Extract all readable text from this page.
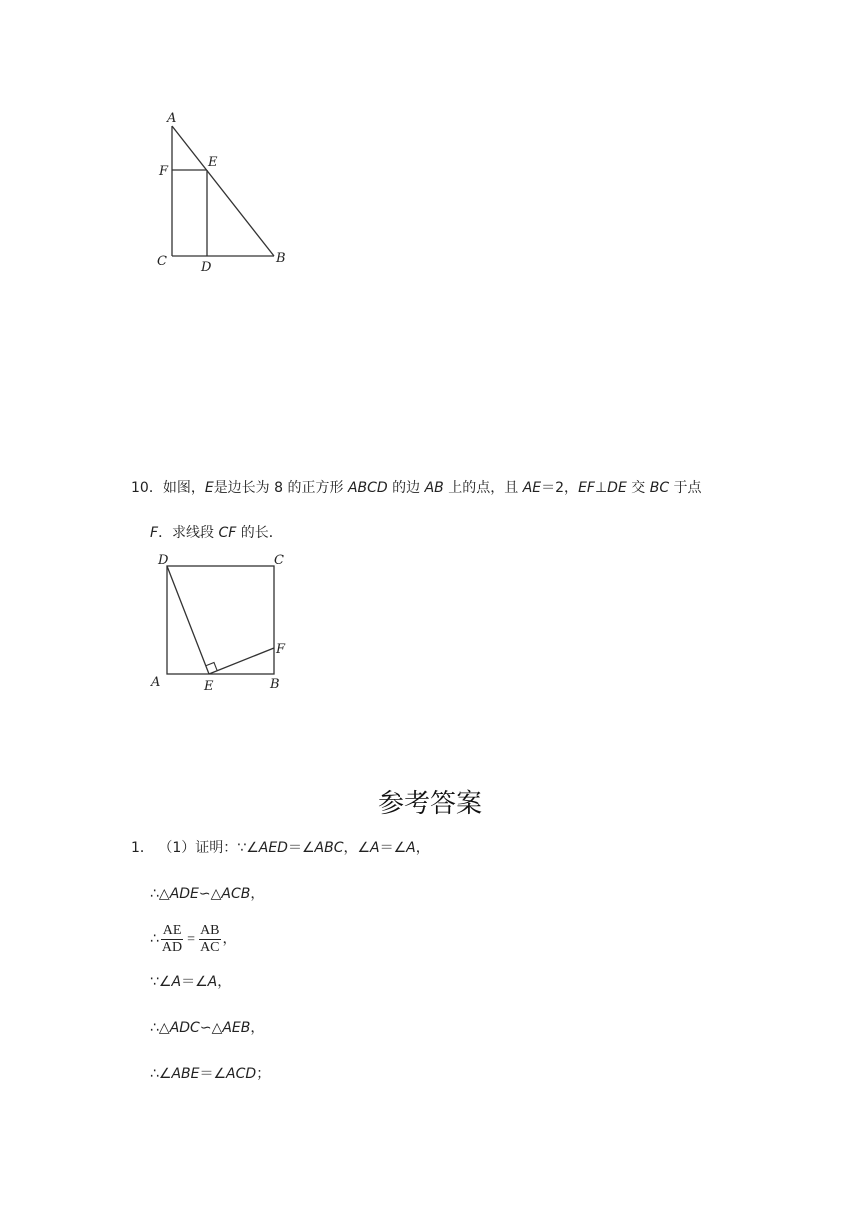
A
E
F
C	D
B
10．如图，E是边长为 8 的正方形 ABCD 的边 AB 上的点，且 AE＝2，EF⊥DE 交 BC 于点
F．求线段 CF 的长．
D	C
F
A	E	B
参考答案
1． （1）证明：∵∠AED＝∠ABC，∠A＝∠A，
∴△ADE∽△ACB，
∴ $\frac{AE}{AD} = \frac{AB}{AC}$ ，
∵∠A＝∠A，
∴△ADC∽△AEB，
∴∠ABE＝∠ACD；
